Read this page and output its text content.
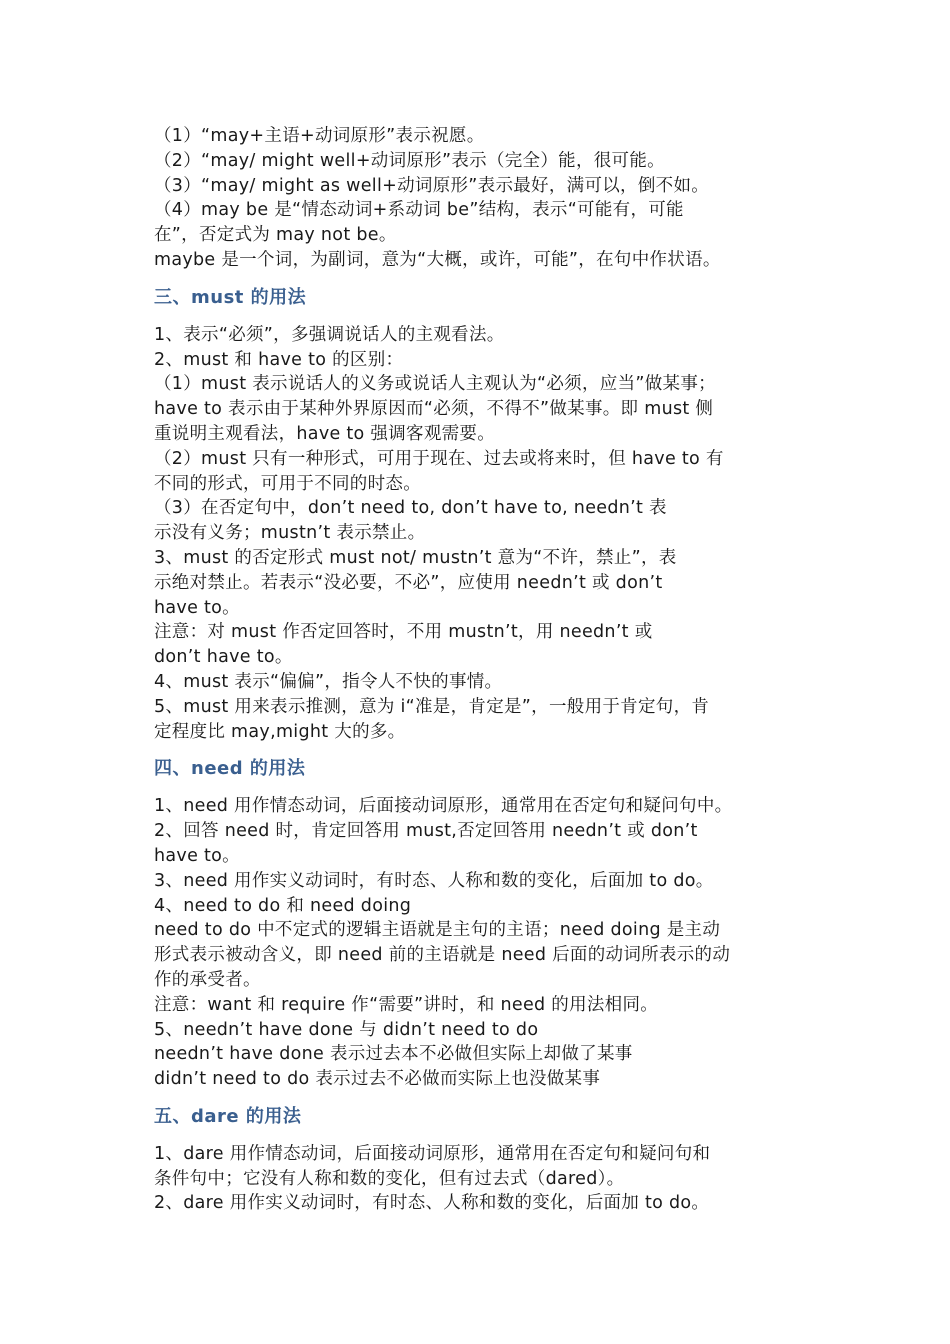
（1）“may+主语+动词原形”表示祝愿。
（2）“may/ might well+动词原形”表示（完全）能，很可能。
（3）“may/ might as well+动词原形”表示最好，满可以，倒不如。
（4）may be 是“情态动词+系动词 be”结构，表示“可能有，可能
在”，否定式为 may not be。
maybe 是一个词，为副词，意为“大概，或许，可能”，在句中作状语。
三、must 的用法
1、表示“必须”，多强调说话人的主观看法。
2、must 和 have to 的区别：
（1）must 表示说话人的义务或说话人主观认为“必须，应当”做某事；
have to 表示由于某种外界原因而“必须，不得不”做某事。即 must 侧
重说明主观看法，have to 强调客观需要。
（2）must 只有一种形式，可用于现在、过去或将来时，但 have to 有
不同的形式，可用于不同的时态。
（3）在否定句中，don’t need to, don’t have to, needn’t 表
示没有义务；mustn’t 表示禁止。
3、must 的否定形式 must not/ mustn’t 意为“不许，禁止”，表
示绝对禁止。若表示“没必要，不必”，应使用 needn’t 或 don’t
have to。
注意：对 must 作否定回答时，不用 mustn’t，用 needn’t 或
don’t have to。
4、must 表示“偏偏”，指令人不快的事情。
5、must 用来表示推测，意为 i“准是，肯定是”，一般用于肯定句，肯
定程度比 may,might 大的多。
四、need 的用法
1、need 用作情态动词，后面接动词原形，通常用在否定句和疑问句中。
2、回答 need 时，肯定回答用 must,否定回答用 needn’t 或 don’t
have to。
3、need 用作实义动词时，有时态、人称和数的变化，后面加 to do。
4、need to do 和 need doing
need to do 中不定式的逻辑主语就是主句的主语；need doing 是主动
形式表示被动含义，即 need 前的主语就是 need 后面的动词所表示的动
作的承受者。
注意：want 和 require 作“需要”讲时，和 need 的用法相同。
5、needn’t have done 与 didn’t need to do
needn’t have done 表示过去本不必做但实际上却做了某事
didn’t need to do 表示过去不必做而实际上也没做某事
五、dare 的用法
1、dare 用作情态动词，后面接动词原形，通常用在否定句和疑问句和
条件句中；它没有人称和数的变化，但有过去式（dared）。
2、dare 用作实义动词时，有时态、人称和数的变化，后面加 to do。
